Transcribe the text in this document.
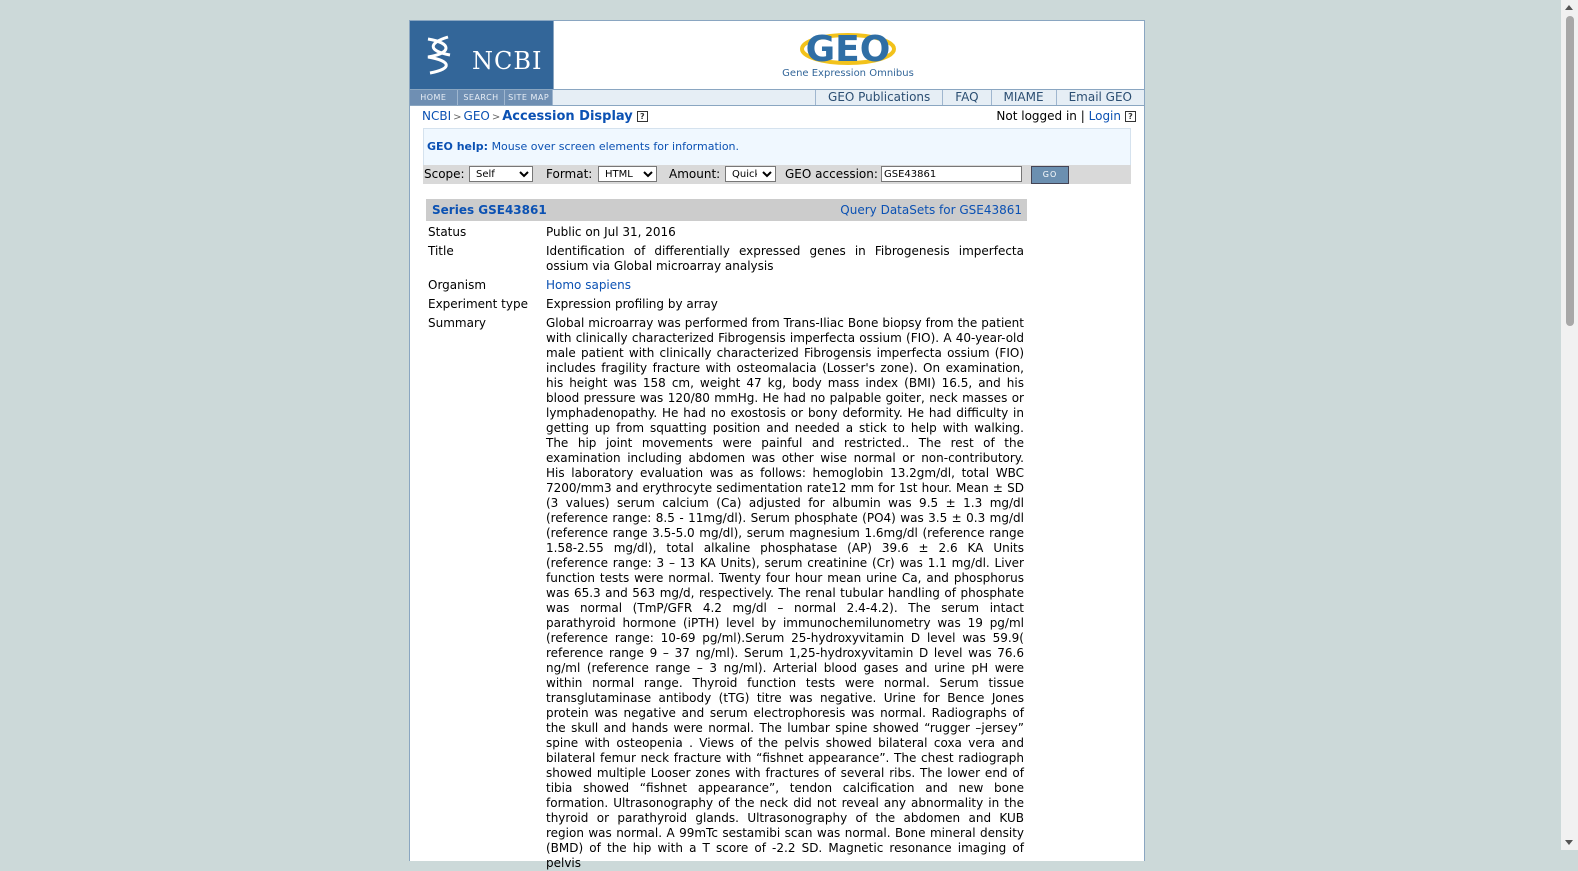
NCBI	GEO
Gene Expression Omnibus
HOME	SEARCH	SITE MAP	GEO Publications	FAQ	MIAME	Email GEO
NCBI > GEO > Accession Display ?	Not logged in | Login ?
GEO help: Mouse over screen elements for information.
Scope:
Self	Format:
HTML	Amount:
Quick	GEO accession:
GSE43861	GO
Series GSE43861	Query DataSets for GSE43861
Status	Public on Jul 31, 2016
Title	Identification of differentially expressed genes in Fibrogenesis imperfecta ossium via Global microarray analysis
Organism	Homo sapiens
Experiment type	Expression profiling by array
Summary	Global microarray was performed from Trans-Iliac Bone biopsy from the patient with clinically characterized Fibrogensis imperfecta ossium (FIO). A 40-year-old male patient with clinically characterized Fibrogensis imperfecta ossium (FIO) includes fragility fracture with osteomalacia (Losser's zone). On examination, his height was 158 cm, weight 47 kg, body mass index (BMI) 16.5, and his blood pressure was 120/80 mmHg. He had no palpable goiter, neck masses or lymphadenopathy. He had no exostosis or bony deformity. He had difficulty in getting up from squatting position and needed a stick to help with walking. The hip joint movements were painful and restricted.. The rest of the examination including abdomen was other wise normal or non-contributory. His laboratory evaluation was as follows: hemoglobin 13.2gm/dl, total WBC 7200/mm3 and erythrocyte sedimentation rate12 mm for 1st hour. Mean ± SD (3 values) serum calcium (Ca) adjusted for albumin was 9.5 ± 1.3 mg/dl (reference range: 8.5 - 11mg/dl). Serum phosphate (PO4) was 3.5 ± 0.3 mg/dl (reference range 3.5-5.0 mg/dl), serum magnesium 1.6mg/dl (reference range 1.58-2.55 mg/dl), total alkaline phosphatase (AP) 39.6 ± 2.6 KA Units (reference range: 3 – 13 KA Units), serum creatinine (Cr) was 1.1 mg/dl. Liver function tests were normal. Twenty four hour mean urine Ca, and phosphorus was 65.3 and 563 mg/d, respectively. The renal tubular handling of phosphate was normal (TmP/GFR 4.2 mg/dl – normal 2.4-4.2). The serum intact parathyroid hormone (iPTH) level by immunochemilunometry was 19 pg/ml (reference range: 10-69 pg/ml).Serum 25-hydroxyvitamin D level was 59.9( reference range 9 – 37 ng/ml). Serum 1,25-hydroxyvitamin D level was 76.6 ng/ml (reference range – 3 ng/ml). Arterial blood gases and urine pH were within normal range. Thyroid function tests were normal. Serum tissue transglutaminase antibody (tTG) titre was negative. Urine for Bence Jones protein was negative and serum electrophoresis was normal. Radiographs of the skull and hands were normal. The lumbar spine showed “rugger –jersey” spine with osteopenia . Views of the pelvis showed bilateral coxa vera and bilateral femur neck fracture with “fishnet appearance”. The chest radiograph showed multiple Looser zones with fractures of several ribs. The lower end of tibia showed “fishnet appearance”, tendon calcification and new bone formation. Ultrasonography of the neck did not reveal any abnormality in the thyroid or parathyroid glands. Ultrasonography of the abdomen and KUB region was normal. A 99mTc sestamibi scan was normal. Bone mineral density (BMD) of the hip with a T score of -2.2 SD. Magnetic resonance imaging of pelvis
